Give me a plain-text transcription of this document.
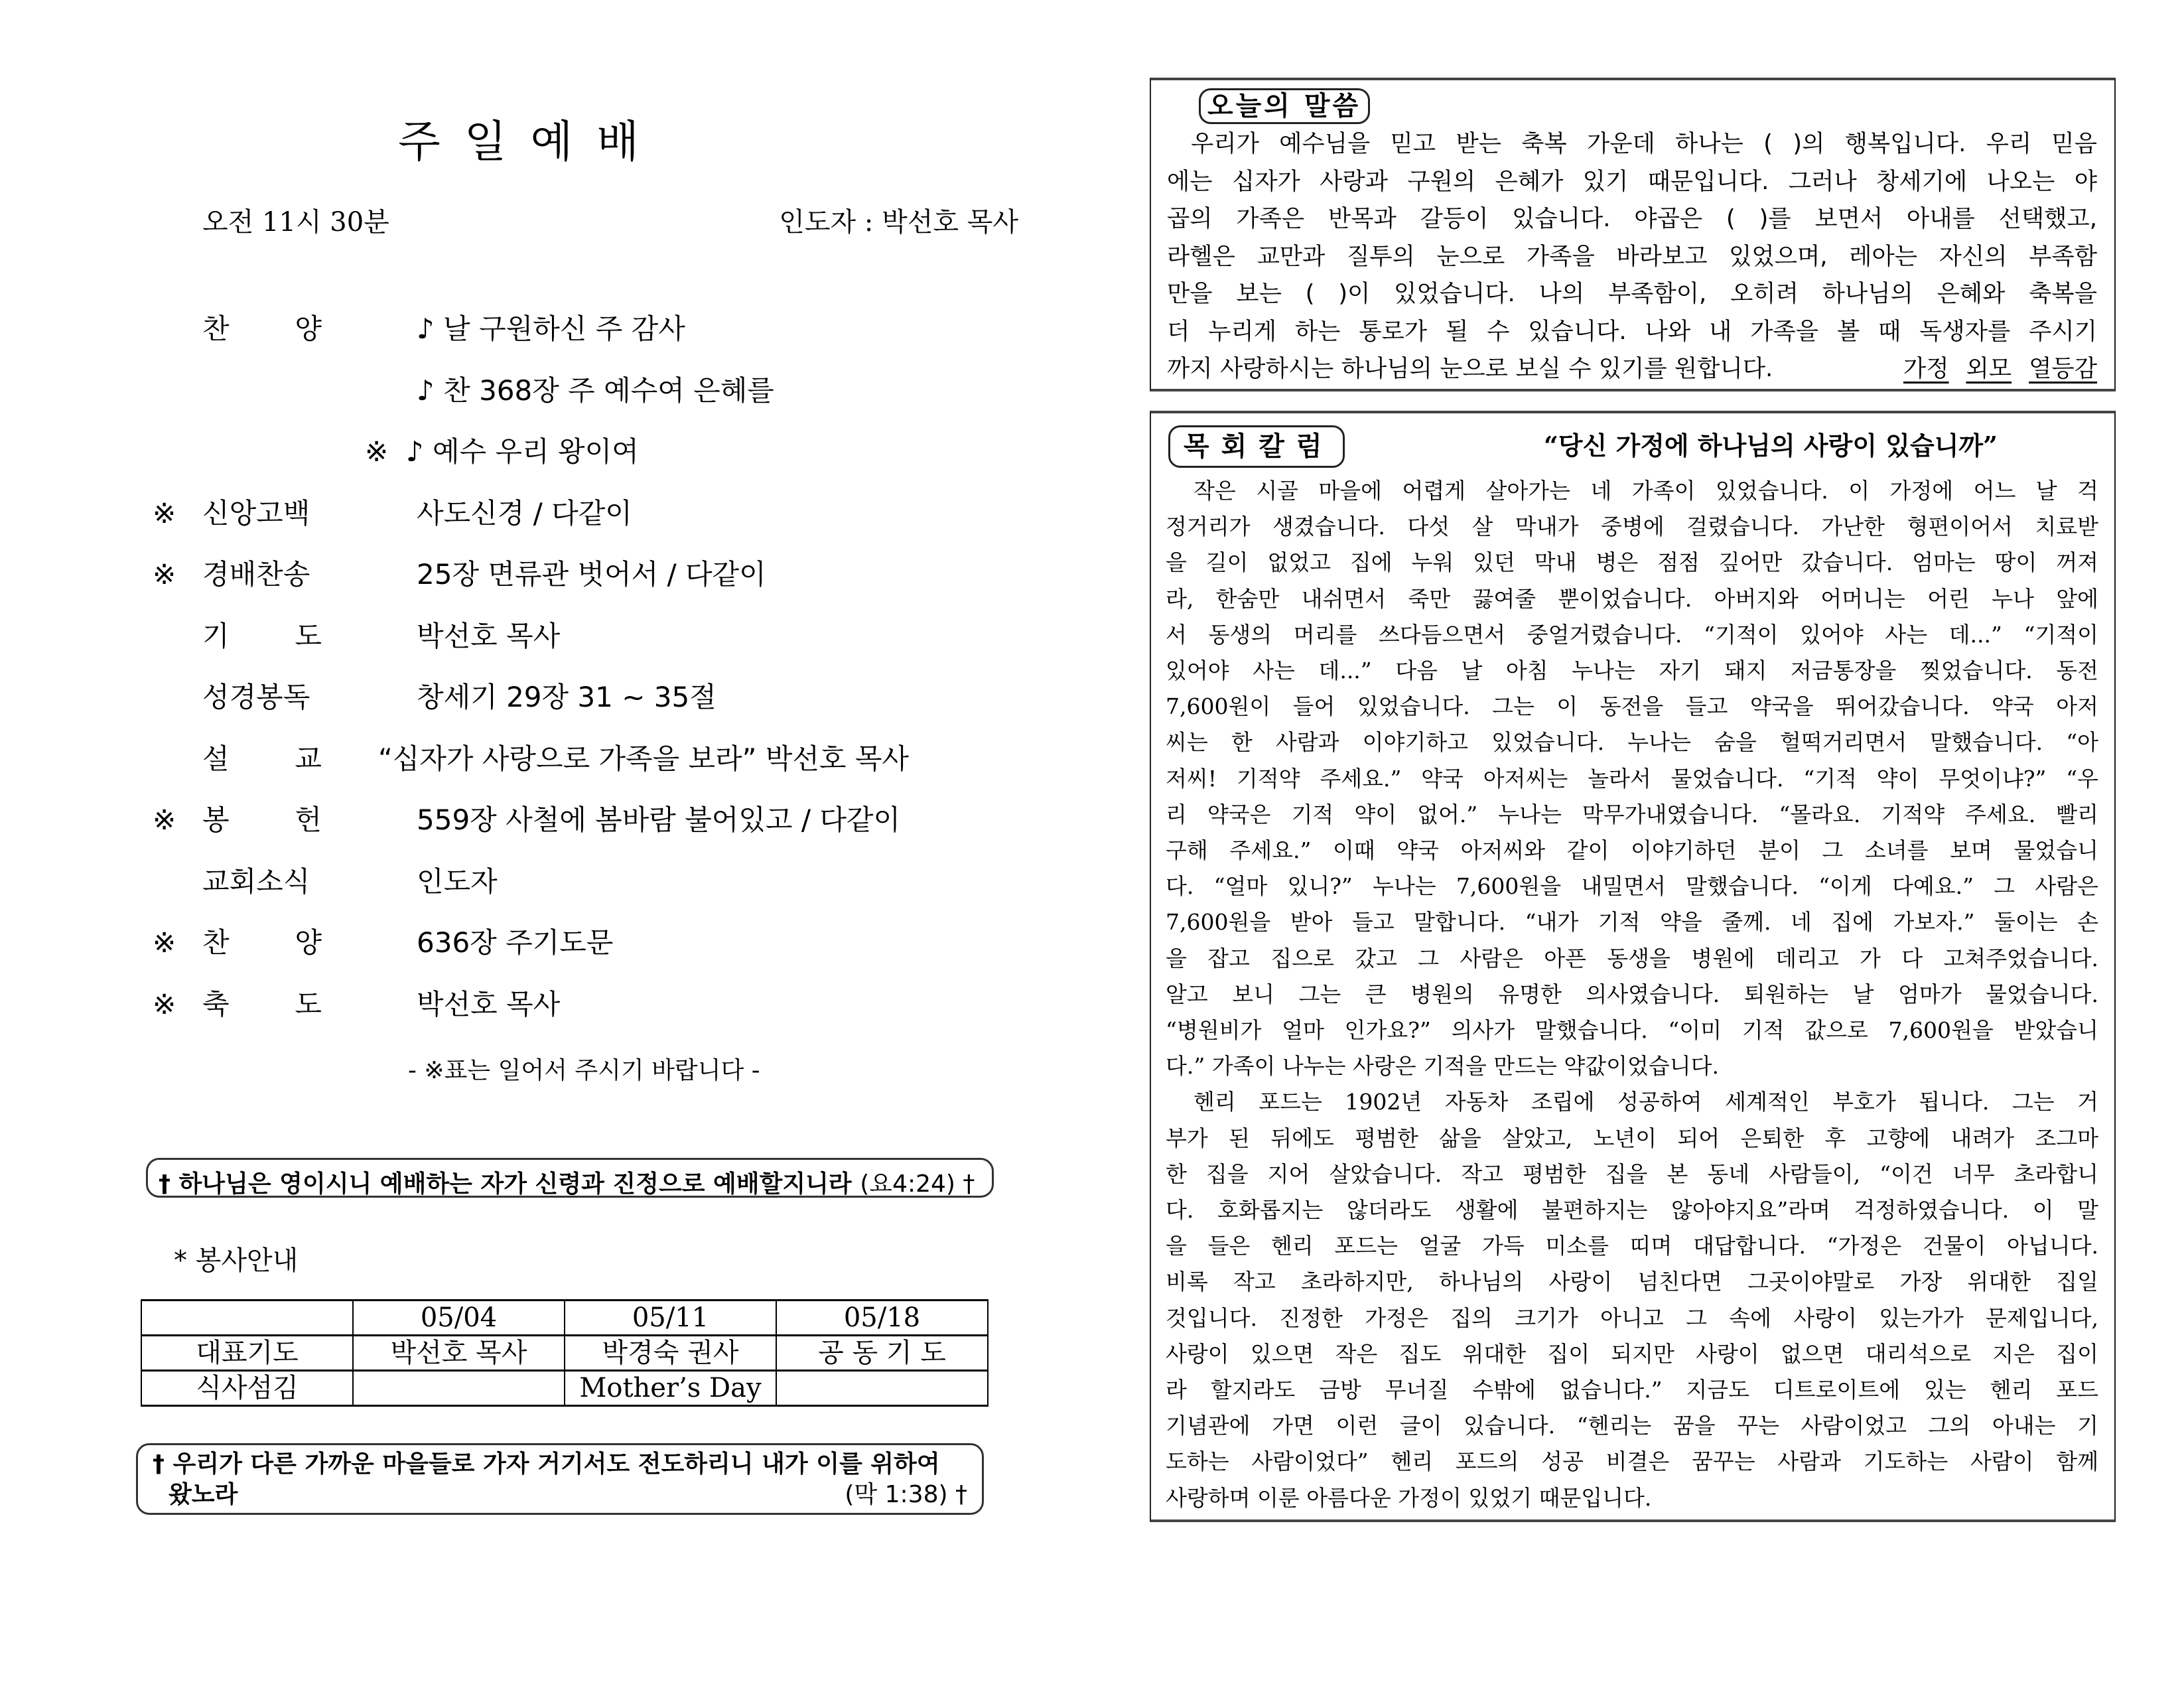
주일예배
오전 11시 30분	인도자 : 박선호 목사
찬 양	♪ 날 구원하신 주 감사
♪ 찬 368장 주 예수여 은혜를
※ ♪ 예수 우리 왕이여
※ 신앙고백	사도신경 / 다같이
※ 경배찬송	25장 면류관 벗어서 / 다같이
기 도	박선호 목사
성경봉독	창세기 29장 31 ~ 35절
설 교 “십자가 사랑으로 가족을 보라” 박선호 목사
※ 봉 헌	559장 사철에 봄바람 불어있고 / 다같이
교회소식	인도자
※ 찬 양	636장 주기도문
※ 축 도	박선호 목사
- ※표는 일어서 주시기 바랍니다 -
† 하나님은 영이시니 예배하는 자가 신령과 진정으로 예배할지니라 (요4:24) †
* 봉사안내
	05/04	05/11	05/18
대표기도	박선호 목사	박경숙 권사	공 동 기 도
식사섬김		Mother’s Day	
† 우리가 다른 가까운 마을들로 가자 거기서도 전도하리니 내가 이를 위하여
왔노라	(막 1:38) †
오늘의 말씀
우리가 예수님을 믿고 받는 축복 가운데 하나는 ( )의 행복입니다. 우리 믿음
에는 십자가 사랑과 구원의 은혜가 있기 때문입니다. 그러나 창세기에 나오는 야
곱의 가족은 반목과 갈등이 있습니다. 야곱은 ( )를 보면서 아내를 선택했고,
라헬은 교만과 질투의 눈으로 가족을 바라보고 있었으며, 레아는 자신의 부족함
만을 보는 ( )이 있었습니다. 나의 부족함이, 오히려 하나님의 은혜와 축복을
더 누리게 하는 통로가 될 수 있습니다. 나와 내 가족을 볼 때 독생자를 주시기
까지 사랑하시는 하나님의 눈으로 보실 수 있기를 원합니다.	가정 외모 열등감
목회칼럼	“당신 가정에 하나님의 사랑이 있습니까”
작은 시골 마을에 어렵게 살아가는 네 가족이 있었습니다. 이 가정에 어느 날 걱
정거리가 생겼습니다. 다섯 살 막내가 중병에 걸렸습니다. 가난한 형편이어서 치료받
을 길이 없었고 집에 누워 있던 막내 병은 점점 깊어만 갔습니다. 엄마는 땅이 꺼져
라, 한숨만 내쉬면서 죽만 끓여줄 뿐이었습니다. 아버지와 어머니는 어린 누나 앞에
서 동생의 머리를 쓰다듬으면서 중얼거렸습니다. “기적이 있어야 사는 데...” “기적이
있어야 사는 데...” 다음 날 아침 누나는 자기 돼지 저금통장을 찢었습니다. 동전
7,600원이 들어 있었습니다. 그는 이 동전을 들고 약국을 뛰어갔습니다. 약국 아저
씨는 한 사람과 이야기하고 있었습니다. 누나는 숨을 헐떡거리면서 말했습니다. “아
저씨! 기적약 주세요.” 약국 아저씨는 놀라서 물었습니다. “기적 약이 무엇이냐?” “우
리 약국은 기적 약이 없어.” 누나는 막무가내였습니다. “몰라요. 기적약 주세요. 빨리
구해 주세요.” 이때 약국 아저씨와 같이 이야기하던 분이 그 소녀를 보며 물었습니
다. “얼마 있니?” 누나는 7,600원을 내밀면서 말했습니다. “이게 다예요.” 그 사람은
7,600원을 받아 들고 말합니다. “내가 기적 약을 줄께. 네 집에 가보자.” 둘이는 손
을 잡고 집으로 갔고 그 사람은 아픈 동생을 병원에 데리고 가 다 고쳐주었습니다.
알고 보니 그는 큰 병원의 유명한 의사였습니다. 퇴원하는 날 엄마가 물었습니다.
“병원비가 얼마 인가요?” 의사가 말했습니다. “이미 기적 값으로 7,600원을 받았습니
다.” 가족이 나누는 사랑은 기적을 만드는 약값이었습니다.
헨리 포드는 1902년 자동차 조립에 성공하여 세계적인 부호가 됩니다. 그는 거
부가 된 뒤에도 평범한 삶을 살았고, 노년이 되어 은퇴한 후 고향에 내려가 조그마
한 집을 지어 살았습니다. 작고 평범한 집을 본 동네 사람들이, “이건 너무 초라합니
다. 호화롭지는 않더라도 생활에 불편하지는 않아야지요”라며 걱정하였습니다. 이 말
을 들은 헨리 포드는 얼굴 가득 미소를 띠며 대답합니다. “가정은 건물이 아닙니다.
비록 작고 초라하지만, 하나님의 사랑이 넘친다면 그곳이야말로 가장 위대한 집일
것입니다. 진정한 가정은 집의 크기가 아니고 그 속에 사랑이 있는가가 문제입니다,
사랑이 있으면 작은 집도 위대한 집이 되지만 사랑이 없으면 대리석으로 지은 집이
라 할지라도 금방 무너질 수밖에 없습니다.” 지금도 디트로이트에 있는 헨리 포드
기념관에 가면 이런 글이 있습니다. “헨리는 꿈을 꾸는 사람이었고 그의 아내는 기
도하는 사람이었다” 헨리 포드의 성공 비결은 꿈꾸는 사람과 기도하는 사람이 함께
사랑하며 이룬 아름다운 가정이 있었기 때문입니다.
